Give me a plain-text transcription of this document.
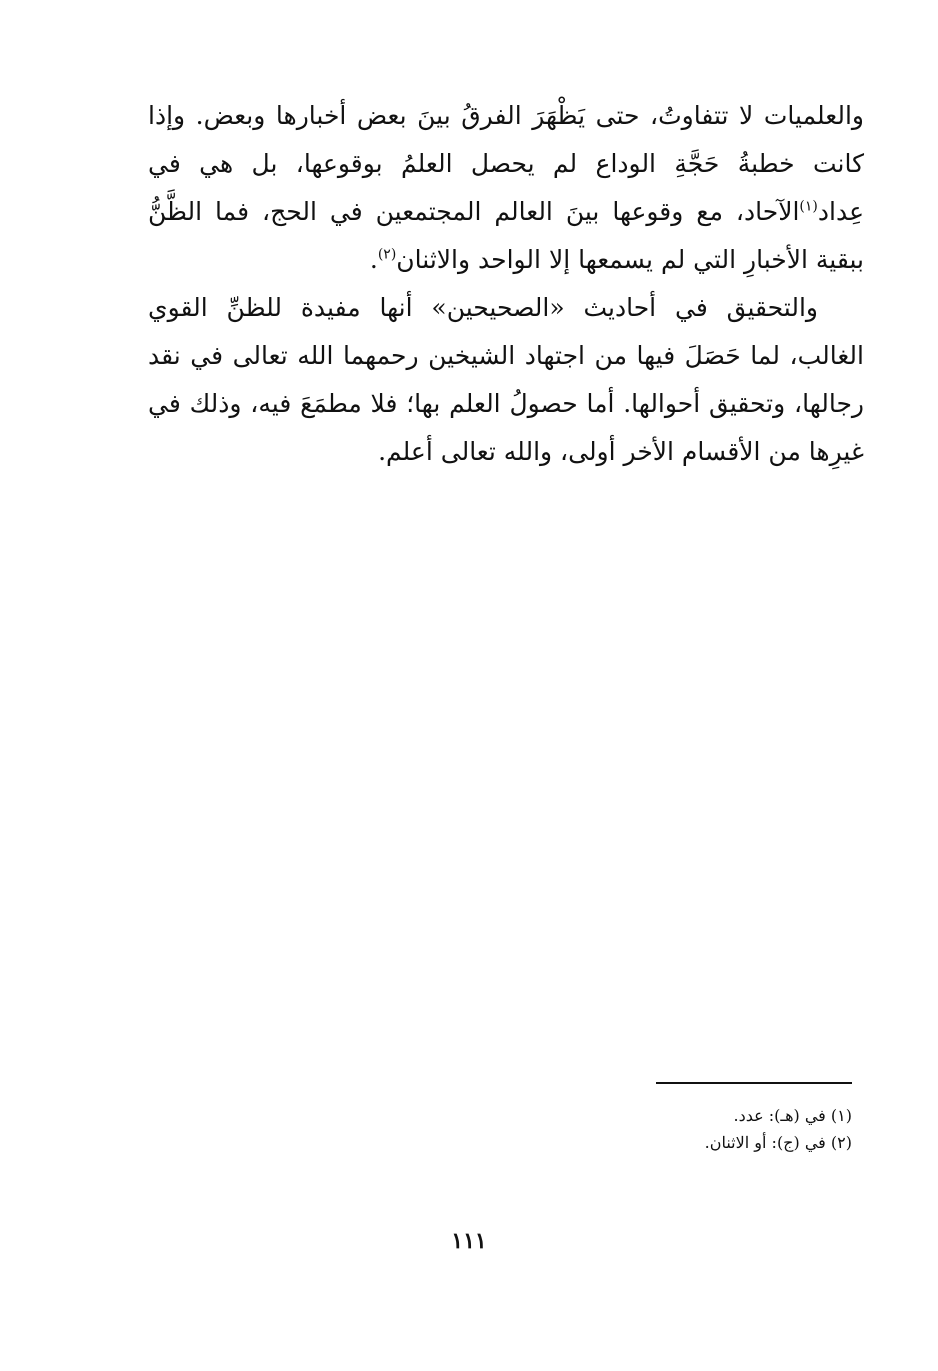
والعلميات لا تتفاوتُ، حتى يَظْهَرَ الفرقُ بينَ بعض أخبارها وبعض. وإذا كانت خطبةُ حَجَّةِ الوداع لم يحصل العلمُ بوقوعها، بل هي في عِداد$^{(١)}$الآحاد، مع وقوعها بينَ العالم المجتمعين في الحج، فما الظَّنُّ ببقية الأخبارِ التي لم يسمعها إلا الواحد والاثنان$^{(٢)}$.

والتحقيق في أحاديث «الصحيحين» أنها مفيدة للظنِّ القوي الغالب، لما حَصَلَ فيها من اجتهاد الشيخين رحمهما الله تعالى في نقد رجالها، وتحقيق أحوالها. أما حصولُ العلم بها؛ فلا مطمَعَ فيه، وذلك في غيرِها من الأقسام الأخر أولى، والله تعالى أعلم.

(١) في (هـ): عدد.

(٢) في (ج): أو الاثنان.

١١١
